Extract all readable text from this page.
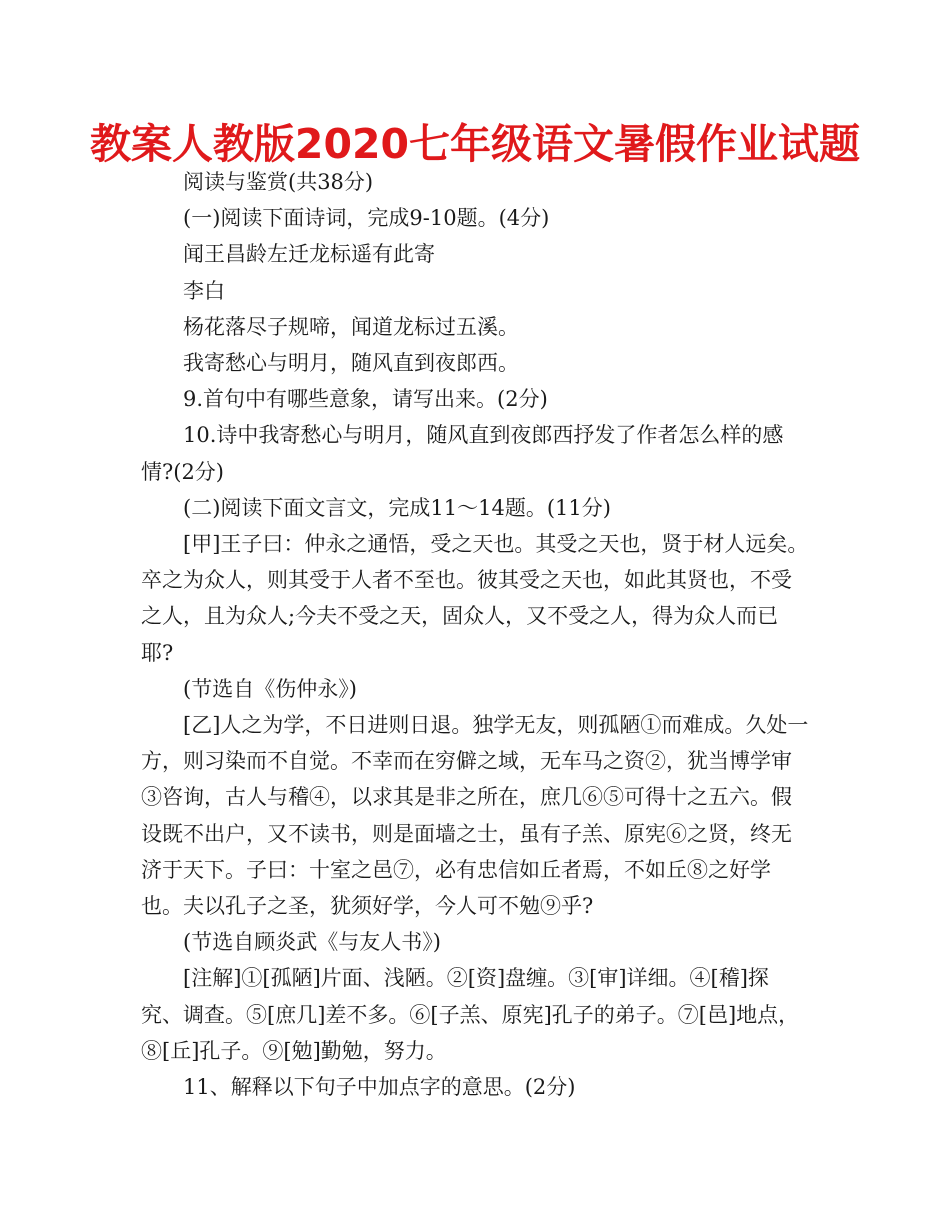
教案人教版2020七年级语文暑假作业试题

阅读与鉴赏(共38分)

(一)阅读下面诗词，完成9-10题。(4分)

闻王昌龄左迁龙标遥有此寄

李白

杨花落尽子规啼，闻道龙标过五溪。

我寄愁心与明月，随风直到夜郎西。

9.首句中有哪些意象，请写出来。(2分)

10.诗中我寄愁心与明月，随风直到夜郎西抒发了作者怎么样的感情?(2分)

(二)阅读下面文言文，完成11～14题。(11分)

[甲]王子曰：仲永之通悟，受之天也。其受之天也，贤于材人远矣。卒之为众人，则其受于人者不至也。彼其受之天也，如此其贤也，不受之人，且为众人;今夫不受之天，固众人，又不受之人，得为众人而已耶?

(节选自《伤仲永》)

[乙]人之为学，不日进则日退。独学无友，则孤陋①而难成。久处一方，则习染而不自觉。不幸而在穷僻之域，无车马之资②，犹当博学审③咨询，古人与稽④，以求其是非之所在，庶几⑥⑤可得十之五六。假设既不出户，又不读书，则是面墙之士，虽有子羔、原宪⑥之贤，终无济于天下。子曰：十室之邑⑦，必有忠信如丘者焉，不如丘⑧之好学也。夫以孔子之圣，犹须好学，今人可不勉⑨乎?

(节选自顾炎武《与友人书》)

[注解]①[孤陋]片面、浅陋。②[资]盘缠。③[审]详细。④[稽]探究、调查。⑤[庶几]差不多。⑥[子羔、原宪]孔子的弟子。⑦[邑]地点，⑧[丘]孔子。⑨[勉]勤勉，努力。

11、解释以下句子中加点字的意思。(2分)
